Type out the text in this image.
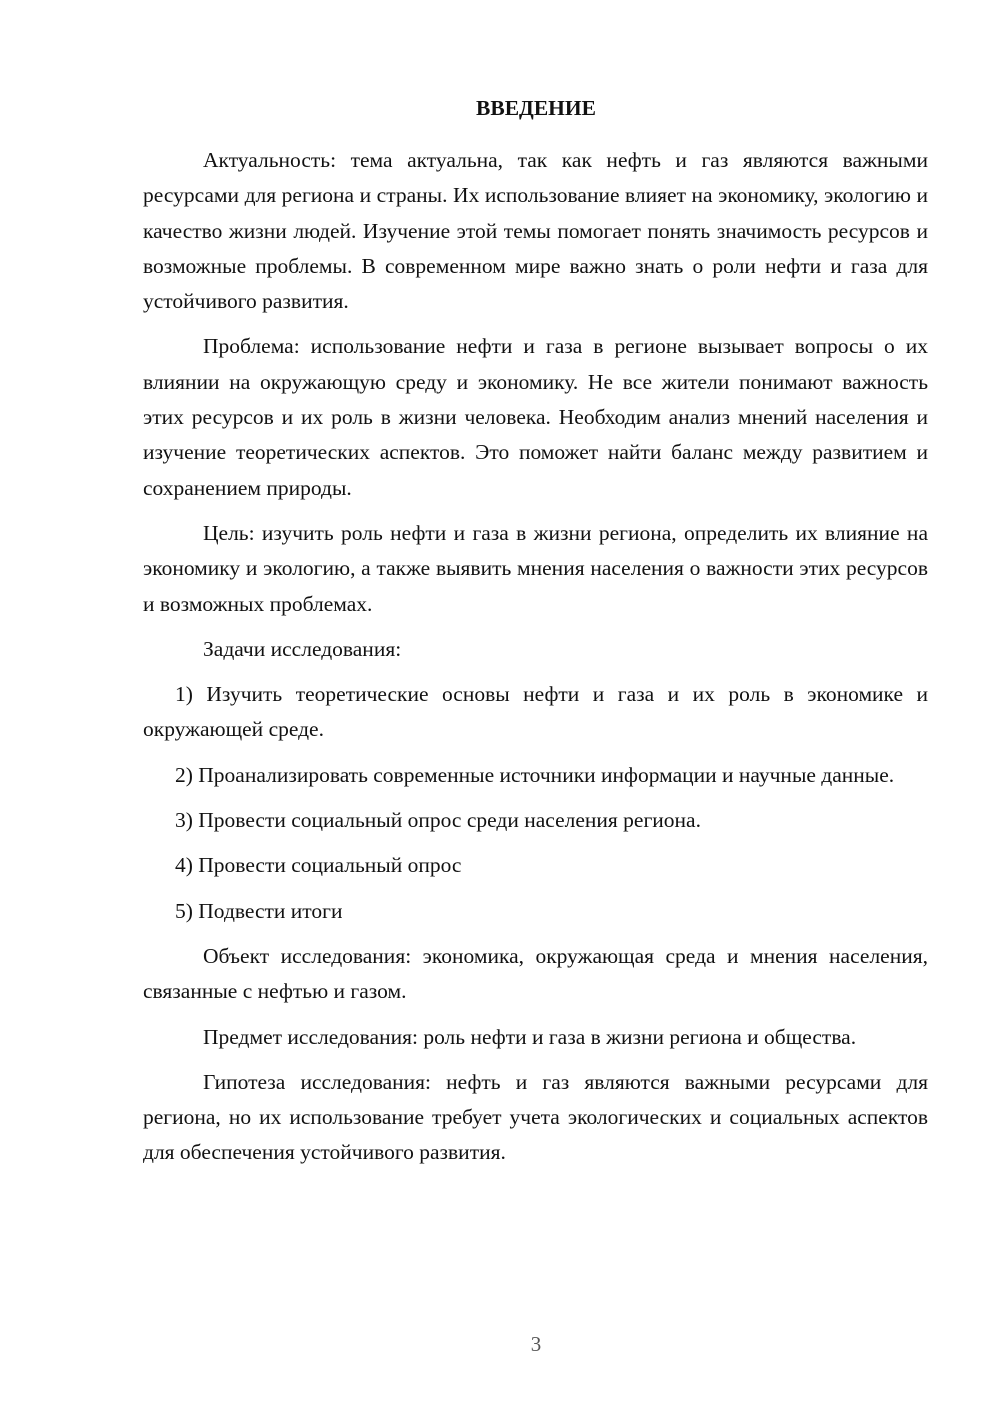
ВВЕДЕНИЕ

Актуальность: тема актуальна, так как нефть и газ являются важными ресурсами для региона и страны. Их использование влияет на экономику, экологию и качество жизни людей. Изучение этой темы помогает понять значимость ресурсов и возможные проблемы. В современном мире важно знать о роли нефти и газа для устойчивого развития.

Проблема: использование нефти и газа в регионе вызывает вопросы о их влиянии на окружающую среду и экономику. Не все жители понимают важность этих ресурсов и их роль в жизни человека. Необходим анализ мнений населения и изучение теоретических аспектов. Это поможет найти баланс между развитием и сохранением природы.

Цель: изучить роль нефти и газа в жизни региона, определить их влияние на экономику и экологию, а также выявить мнения населения о важности этих ресурсов и возможных проблемах.

Задачи исследования:

1) Изучить теоретические основы нефти и газа и их роль в экономике и окружающей среде.

2) Проанализировать современные источники информации и научные данные.

3) Провести социальный опрос среди населения региона.

4) Провести социальный опрос

5) Подвести итоги

Объект исследования: экономика, окружающая среда и мнения населения, связанные с нефтью и газом.

Предмет исследования: роль нефти и газа в жизни региона и общества.

Гипотеза исследования: нефть и газ являются важными ресурсами для региона, но их использование требует учета экологических и социальных аспектов для обеспечения устойчивого развития.

3
